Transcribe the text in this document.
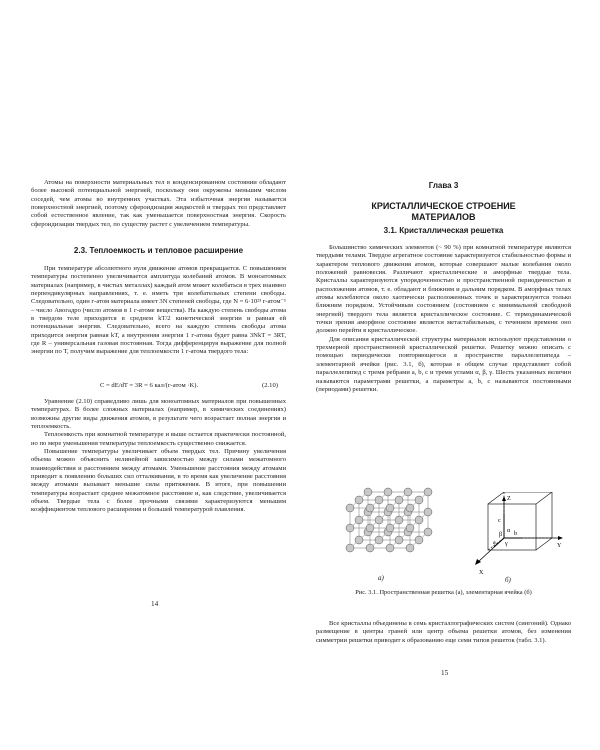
Атомы на поверхности материальных тел в конденсированном состоянии обладают более высокой потенциальной энергией, поскольку они окружены меньшим числом соседей, чем атомы во внутренних участках. Эта избыточная энергия называется поверхностной энергией, поэтому сфероидизация жидкостей и твердых тел представляет собой естественное явление, так как уменьшается поверхностная энергия. Скорость сфероидизации твердых тел, по существу растет с увеличением температуры.

2.3. Теплоемкость и тепловое расширение

При температуре абсолютного нуля движение атомов прекращается. С повышением температуры постепенно увеличивается амплитуда колебаний атомов. В моноатомных материалах (например, в чистых металлах) каждый атом может колебаться в трех взаимно перпендикулярных направлениях, т. е. иметь три колебательных степени свободы. Следовательно, один г-атом материала имеет 3N степеней свободы, где N = 6·10²³ г-атом⁻¹ – число Авогадро (число атомов в 1 г-атоме вещества). На каждую степень свободы атома в твердом теле приходится в среднем kT/2 кинетической энергии и равная ей потенциальная энергия. Следовательно, всего на каждую степень свободы атома приходится энергия равная kT, а внутренняя энергия 1 г-атома будет равна 3NkT = 3RT, где R – универсальная газовая постоянная. Тогда дифференцируя выражение для полной энергии по T, получим выражение для теплоемкости 1 г-атома твердого тела:

C = dE/dT = 3R = 6 кал/(г-атом ·K).	(2.10)

Уравнение (2.10) справедливо лишь для моноатомных материалов при повышенных температурах. В более сложных материалах (например, в химических соединениях) возможны другие виды движения атомов, в результате чего возрастает полная энергия и теплоемкость.

Теплоемкость при комнатной температуре и выше остается практически постоянной, но по мере уменьшения температуры теплоемкость существенно снижается.

Повышение температуры увеличивает объем твердых тел. Причину увеличения объема можно объяснить нелинейной зависимостью между силами межатомного взаимодействия и расстоянием между атомами. Уменьшение расстояния между атомами приводит к появлению больших сил отталкивания, в то время как увеличение расстояния между атомами вызывает меньшие силы притяжения. В итоге, при повышении температуры возрастает среднее межатомное расстояние и, как следствие, увеличивается объем. Твердые тела с более прочными связями характеризуются меньшим коэффициентом теплового расширения и большей температурой плавления.

14
Глава 3
КРИСТАЛЛИЧЕСКОЕ СТРОЕНИЕ
МАТЕРИАЛОВ
3.1. Кристаллическая решетка

Большинство химических элементов (~ 90 %) при комнатной температуре являются твердыми телами. Твердое агрегатное состояние характеризуется стабильностью формы и характером теплового движения атомов, которые совершают малые колебания около положений равновесия. Различают кристаллические и аморфные твердые тела. Кристаллы характеризуются упорядоченностью и пространственной периодичностью в расположении атомов, т. е. обладают и ближним и дальним порядком. В аморфных телах атомы колеблются около хаотически расположенных точек и характеризуются только ближним порядком. Устойчивым состоянием (состоянием с минимальной свободной энергией) твердого тела является кристаллическое состояние. С термодинамической точки зрения аморфное состояние является метастабильным, с течением времени оно должно перейти в кристаллическое.

Для описания кристаллической структуры материалов используют представления о трехмерной пространственной кристаллической решетке. Решетку можно описать с помощью периодически повторяющегося в пространстве параллелепипеда – элементарной ячейки (рис. 3.1, б), которая в общем случае представляет собой параллелепипед с тремя ребрами a, b, c и тремя углами α, β, γ. Шесть указанных величин называются параметрами решетки, а параметры a, b, c называются постоянными (периодами) решетки.

а)
c
b
a
α
β
γ
Z
Y
X
б)
Рис. 3.1. Пространственная решетка (а), элементарная ячейка (б)

Все кристаллы объединены в семь кристаллографических систем (сингоний). Однако размещение в центры граней или центр объема решетки атомов, без изменения симметрии решетки приводит к образованию еще семи типов решеток (табл. 3.1).

15
